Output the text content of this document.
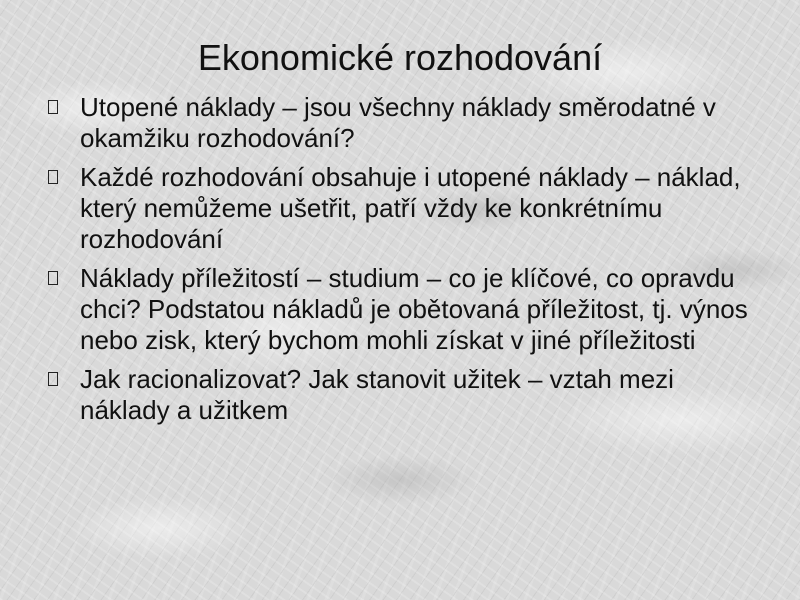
Ekonomické rozhodování
Utopené náklady – jsou všechny náklady směrodatné v okamžiku rozhodování?
Každé rozhodování obsahuje i utopené náklady – náklad, který nemůžeme ušetřit, patří vždy ke konkrétnímu rozhodování
Náklady příležitostí – studium – co je klíčové, co opravdu chci? Podstatou nákladů je obětovaná příležitost, tj. výnos nebo zisk, který bychom mohli získat v jiné příležitosti
Jak racionalizovat? Jak stanovit užitek – vztah mezi náklady a užitkem
